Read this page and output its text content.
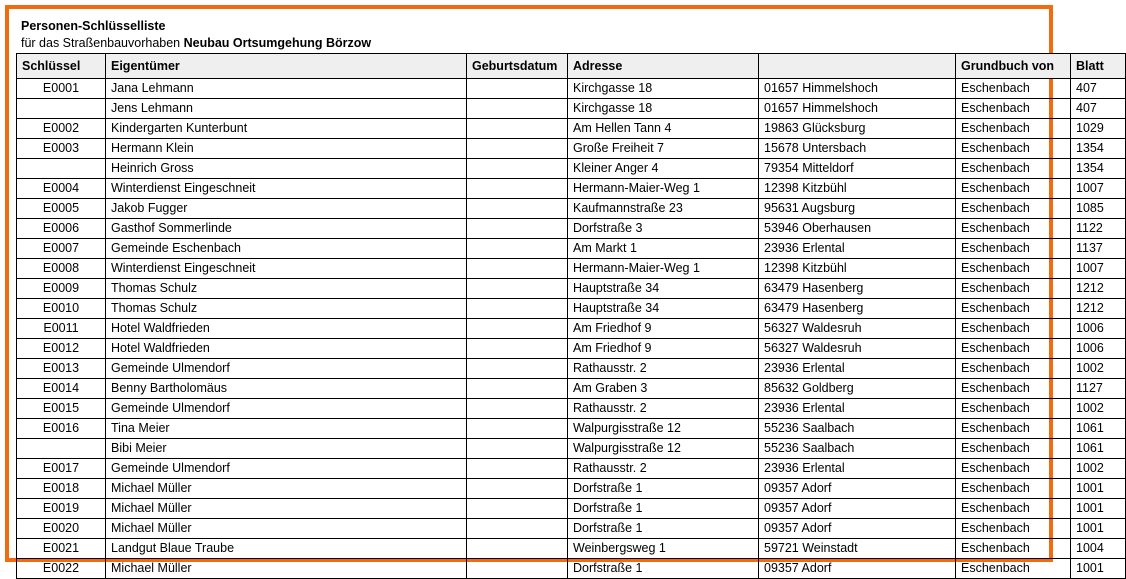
Personen-Schlüsselliste
für das Straßenbauvorhaben Neubau Ortsumgehung Börzow
Schlüssel	Eigentümer	Geburtsdatum	Adresse		Grundbuch von	Blatt
E0001	Jana Lehmann		Kirchgasse 18	01657 Himmelshoch	Eschenbach	407
	Jens Lehmann		Kirchgasse 18	01657 Himmelshoch	Eschenbach	407
E0002	Kindergarten Kunterbunt		Am Hellen Tann 4	19863 Glücksburg	Eschenbach	1029
E0003	Hermann Klein		Große Freiheit 7	15678 Untersbach	Eschenbach	1354
	Heinrich Gross		Kleiner Anger 4	79354 Mitteldorf	Eschenbach	1354
E0004	Winterdienst Eingeschneit		Hermann-Maier-Weg 1	12398 Kitzbühl	Eschenbach	1007
E0005	Jakob Fugger		Kaufmannstraße 23	95631 Augsburg	Eschenbach	1085
E0006	Gasthof Sommerlinde		Dorfstraße 3	53946 Oberhausen	Eschenbach	1122
E0007	Gemeinde Eschenbach		Am Markt 1	23936 Erlental	Eschenbach	1137
E0008	Winterdienst Eingeschneit		Hermann-Maier-Weg 1	12398 Kitzbühl	Eschenbach	1007
E0009	Thomas Schulz		Hauptstraße 34	63479 Hasenberg	Eschenbach	1212
E0010	Thomas Schulz		Hauptstraße 34	63479 Hasenberg	Eschenbach	1212
E0011	Hotel Waldfrieden		Am Friedhof 9	56327 Waldesruh	Eschenbach	1006
E0012	Hotel Waldfrieden		Am Friedhof 9	56327 Waldesruh	Eschenbach	1006
E0013	Gemeinde Ulmendorf		Rathausstr. 2	23936 Erlental	Eschenbach	1002
E0014	Benny Bartholomäus		Am Graben 3	85632 Goldberg	Eschenbach	1127
E0015	Gemeinde Ulmendorf		Rathausstr. 2	23936 Erlental	Eschenbach	1002
E0016	Tina Meier		Walpurgisstraße 12	55236 Saalbach	Eschenbach	1061
	Bibi Meier		Walpurgisstraße 12	55236 Saalbach	Eschenbach	1061
E0017	Gemeinde Ulmendorf		Rathausstr. 2	23936 Erlental	Eschenbach	1002
E0018	Michael Müller		Dorfstraße 1	09357 Adorf	Eschenbach	1001
E0019	Michael Müller		Dorfstraße 1	09357 Adorf	Eschenbach	1001
E0020	Michael Müller		Dorfstraße 1	09357 Adorf	Eschenbach	1001
E0021	Landgut Blaue Traube		Weinbergsweg 1	59721 Weinstadt	Eschenbach	1004
E0022	Michael Müller		Dorfstraße 1	09357 Adorf	Eschenbach	1001
